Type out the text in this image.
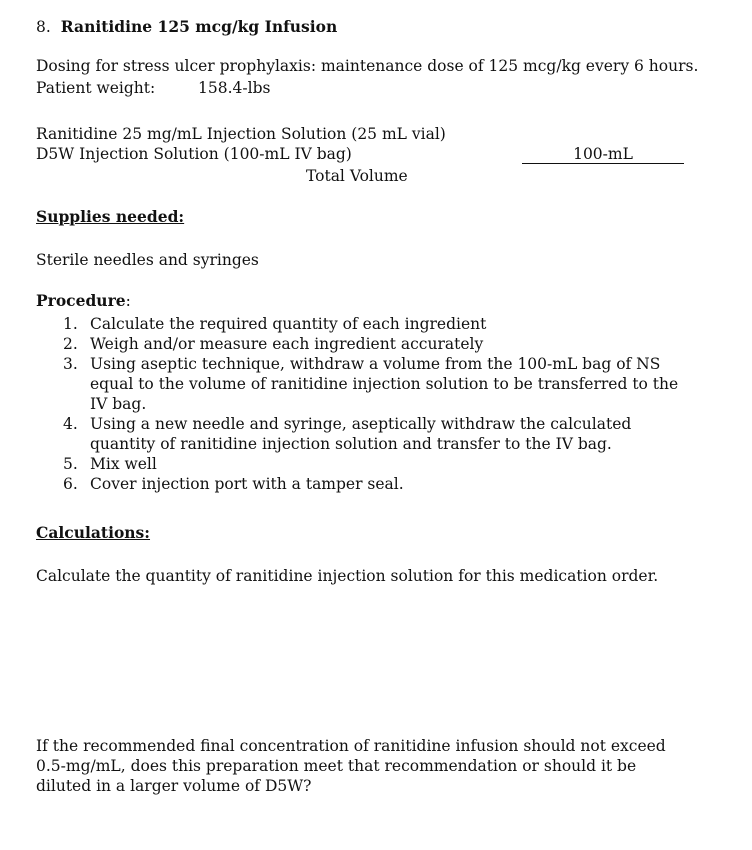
8. Ranitidine 125 mcg/kg Infusion
Dosing for stress ulcer prophylaxis: maintenance dose of 125 mcg/kg every 6 hours.
Patient weight:	158.4-lbs
Ranitidine 25 mg/mL Injection Solution (25 mL vial)
D5W Injection Solution (100-mL IV bag)	100-mL
Total Volume
Supplies needed:
Sterile needles and syringes
Procedure:
1. Calculate the required quantity of each ingredient
2. Weigh and/or measure each ingredient accurately
3. Using aseptic technique, withdraw a volume from the 100-mL bag of NS equal to the volume of ranitidine injection solution to be transferred to the IV bag.
4. Using a new needle and syringe, aseptically withdraw the calculated quantity of ranitidine injection solution and transfer to the IV bag.
5. Mix well
6. Cover injection port with a tamper seal.
Calculations:
Calculate the quantity of ranitidine injection solution for this medication order.
If the recommended final concentration of ranitidine infusion should not exceed 0.5-mg/mL, does this preparation meet that recommendation or should it be diluted in a larger volume of D5W?
